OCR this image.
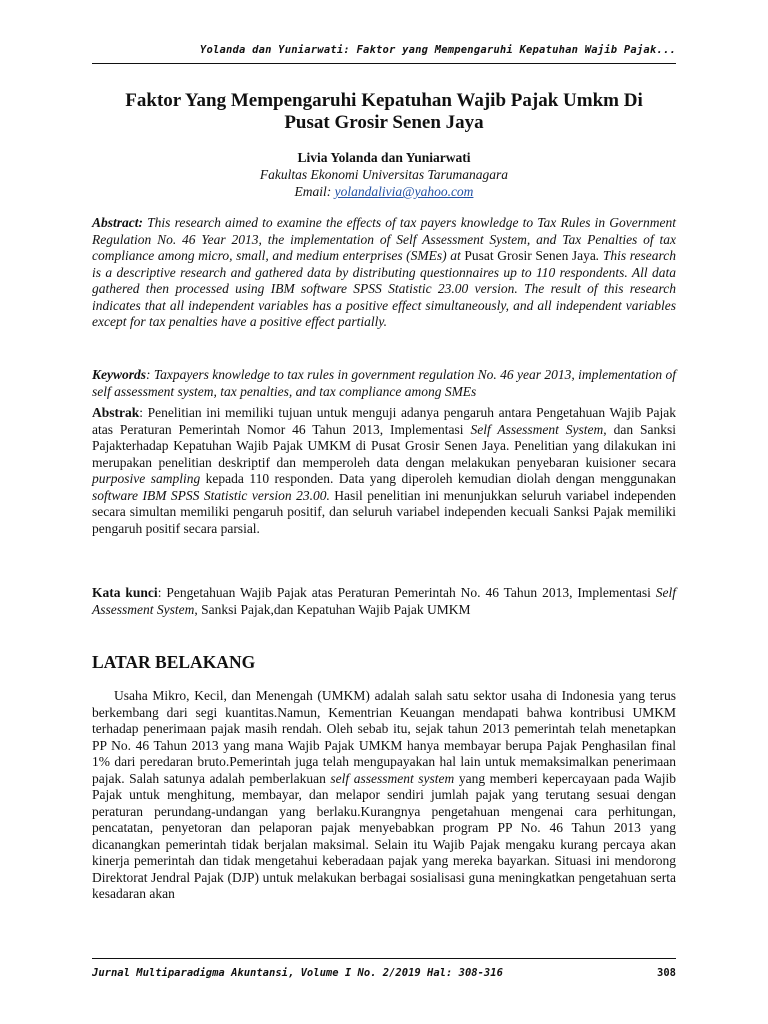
Yolanda dan Yuniarwati: Faktor yang Mempengaruhi Kepatuhan Wajib Pajak...
Faktor Yang Mempengaruhi Kepatuhan Wajib Pajak Umkm Di
Pusat Grosir Senen Jaya
Livia Yolanda dan Yuniarwati
Fakultas Ekonomi Universitas Tarumanagara
Email: yolandalivia@yahoo.com
Abstract: This research aimed to examine the effects of tax payers knowledge to Tax Rules in Government Regulation No. 46 Year 2013, the implementation of Self Assessment System, and Tax Penalties of tax compliance among micro, small, and medium enterprises (SMEs) at Pusat Grosir Senen Jaya. This research is a descriptive research and gathered data by distributing questionnaires up to 110 respondents. All data gathered then processed using IBM software SPSS Statistic 23.00 version. The result of this research indicates that all independent variables has a positive effect simultaneously, and all independent variables except for tax penalties have a positive effect partially.
Keywords: Taxpayers knowledge to tax rules in government regulation No. 46 year 2013, implementation of self assessment system, tax penalties, and tax compliance among SMEs
Abstrak: Penelitian ini memiliki tujuan untuk menguji adanya pengaruh antara Pengetahuan Wajib Pajak atas Peraturan Pemerintah Nomor 46 Tahun 2013, Implementasi Self Assessment System, dan Sanksi Pajakterhadap Kepatuhan Wajib Pajak UMKM di Pusat Grosir Senen Jaya. Penelitian yang dilakukan ini merupakan penelitian deskriptif dan memperoleh data dengan melakukan penyebaran kuisioner secara purposive sampling kepada 110 responden. Data yang diperoleh kemudian diolah dengan menggunakan software IBM SPSS Statistic version 23.00. Hasil penelitian ini menunjukkan seluruh variabel independen secara simultan memiliki pengaruh positif, dan seluruh variabel independen kecuali Sanksi Pajak memiliki pengaruh positif secara parsial.
Kata kunci: Pengetahuan Wajib Pajak atas Peraturan Pemerintah No. 46 Tahun 2013, Implementasi Self Assessment System, Sanksi Pajak,dan Kepatuhan Wajib Pajak UMKM
LATAR BELAKANG
Usaha Mikro, Kecil, dan Menengah (UMKM) adalah salah satu sektor usaha di Indonesia yang terus berkembang dari segi kuantitas.Namun, Kementrian Keuangan mendapati bahwa kontribusi UMKM terhadap penerimaan pajak masih rendah. Oleh sebab itu, sejak tahun 2013 pemerintah telah menetapkan PP No. 46 Tahun 2013 yang mana Wajib Pajak UMKM hanya membayar berupa Pajak Penghasilan final 1% dari peredaran bruto.Pemerintah juga telah mengupayakan hal lain untuk memaksimalkan penerimaan pajak. Salah satunya adalah pemberlakuan self assessment system yang memberi kepercayaan pada Wajib Pajak untuk menghitung, membayar, dan melapor sendiri jumlah pajak yang terutang sesuai dengan peraturan perundang-undangan yang berlaku.Kurangnya pengetahuan mengenai cara perhitungan, pencatatan, penyetoran dan pelaporan pajak menyebabkan program PP No. 46 Tahun 2013 yang dicanangkan pemerintah tidak berjalan maksimal. Selain itu Wajib Pajak mengaku kurang percaya akan kinerja pemerintah dan tidak mengetahui keberadaan pajak yang mereka bayarkan. Situasi ini mendorong Direktorat Jendral Pajak (DJP) untuk melakukan berbagai sosialisasi guna meningkatkan pengetahuan serta kesadaran akan
Jurnal Multiparadigma Akuntansi, Volume I No. 2/2019 Hal: 308-316	308
